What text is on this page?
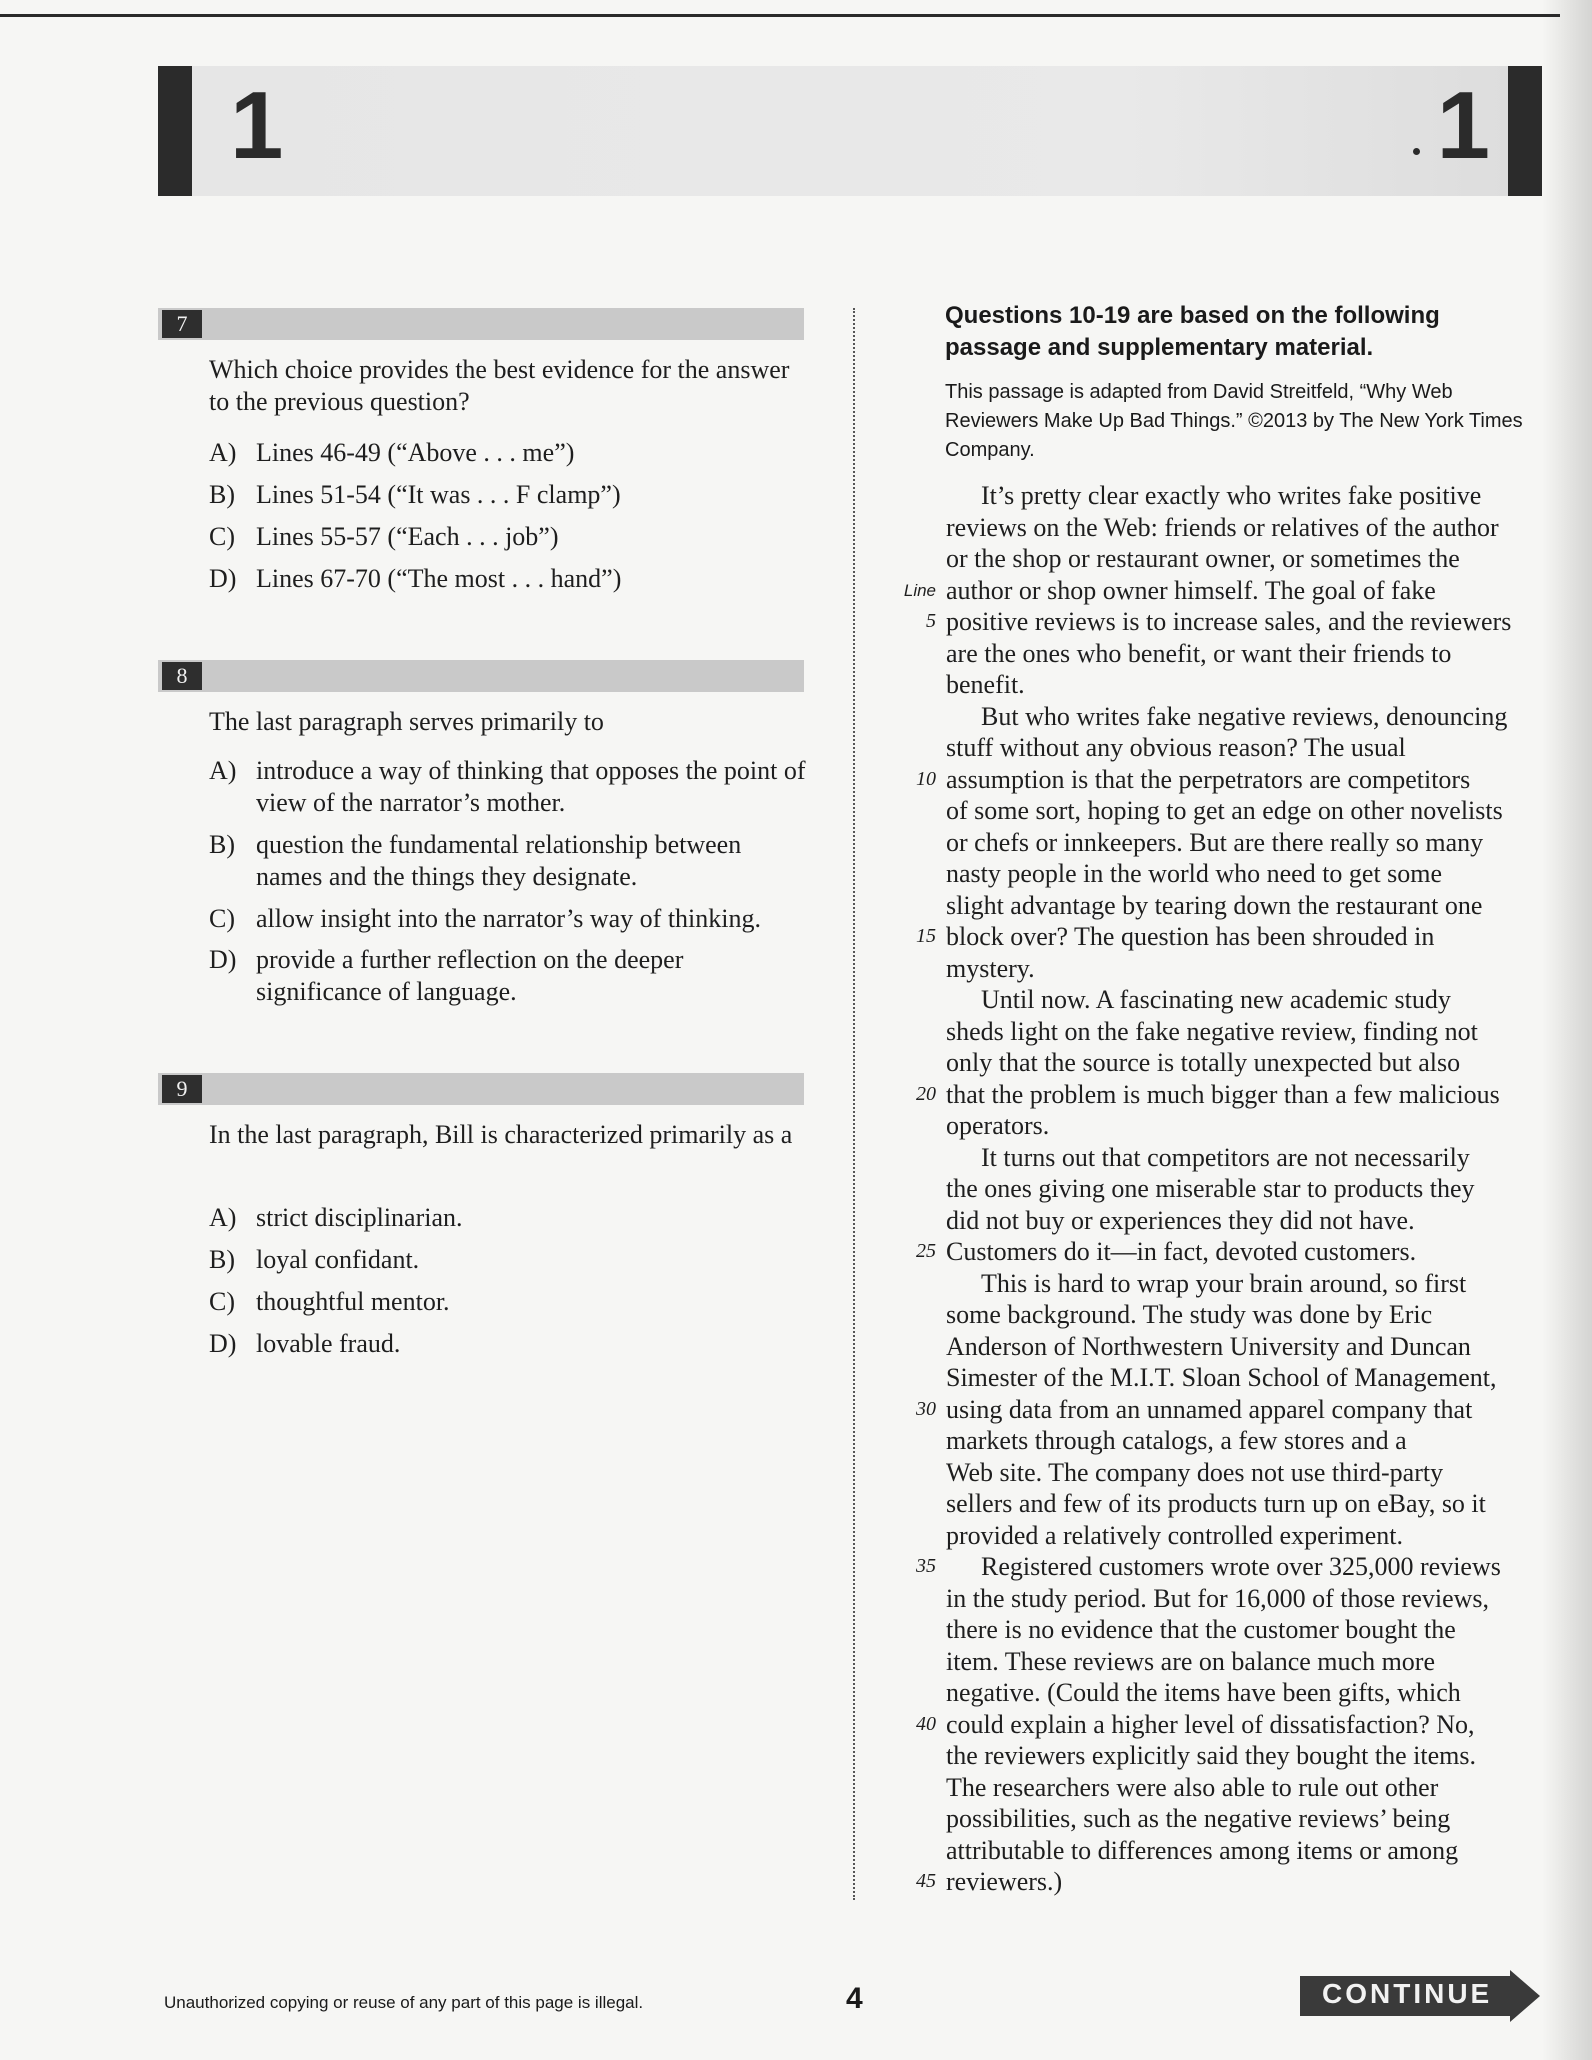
1	1
7
Which choice provides the best evidence for the answer to the previous question?
A) Lines 46-49 (“Above . . . me”)
B) Lines 51-54 (“It was . . . F clamp”)
C) Lines 55-57 (“Each . . . job”)
D) Lines 67-70 (“The most . . . hand”)
8
The last paragraph serves primarily to
A) introduce a way of thinking that opposes the point of view of the narrator’s mother.
B) question the fundamental relationship between names and the things they designate.
C) allow insight into the narrator’s way of thinking.
D) provide a further reflection on the deeper significance of language.
9
In the last paragraph, Bill is characterized primarily as a
A) strict disciplinarian.
B) loyal confidant.
C) thoughtful mentor.
D) lovable fraud.
Questions 10-19 are based on the following passage and supplementary material.
This passage is adapted from David Streitfeld, “Why Web Reviewers Make Up Bad Things.” ©2013 by The New York Times Company.
It’s pretty clear exactly who writes fake positive
reviews on the Web: friends or relatives of the author
or the shop or restaurant owner, or sometimes the
author or shop owner himself. The goal of fake
positive reviews is to increase sales, and the reviewers
are the ones who benefit, or want their friends to
benefit.
But who writes fake negative reviews, denouncing
stuff without any obvious reason? The usual
assumption is that the perpetrators are competitors
of some sort, hoping to get an edge on other novelists
or chefs or innkeepers. But are there really so many
nasty people in the world who need to get some
slight advantage by tearing down the restaurant one
block over? The question has been shrouded in
mystery.
Until now. A fascinating new academic study
sheds light on the fake negative review, finding not
only that the source is totally unexpected but also
that the problem is much bigger than a few malicious
operators.
It turns out that competitors are not necessarily
the ones giving one miserable star to products they
did not buy or experiences they did not have.
Customers do it—in fact, devoted customers.
This is hard to wrap your brain around, so first
some background. The study was done by Eric
Anderson of Northwestern University and Duncan
Simester of the M.I.T. Sloan School of Management,
using data from an unnamed apparel company that
markets through catalogs, a few stores and a
Web site. The company does not use third-party
sellers and few of its products turn up on eBay, so it
provided a relatively controlled experiment.
Registered customers wrote over 325,000 reviews
in the study period. But for 16,000 of those reviews,
there is no evidence that the customer bought the
item. These reviews are on balance much more
negative. (Could the items have been gifts, which
could explain a higher level of dissatisfaction? No,
the reviewers explicitly said they bought the items.
The researchers were also able to rule out other
possibilities, such as the negative reviews’ being
attributable to differences among items or among
reviewers.)
Line
5
10
15
20
25
30
35
40
45
Unauthorized copying or reuse of any part of this page is illegal.	4	CONTINUE
